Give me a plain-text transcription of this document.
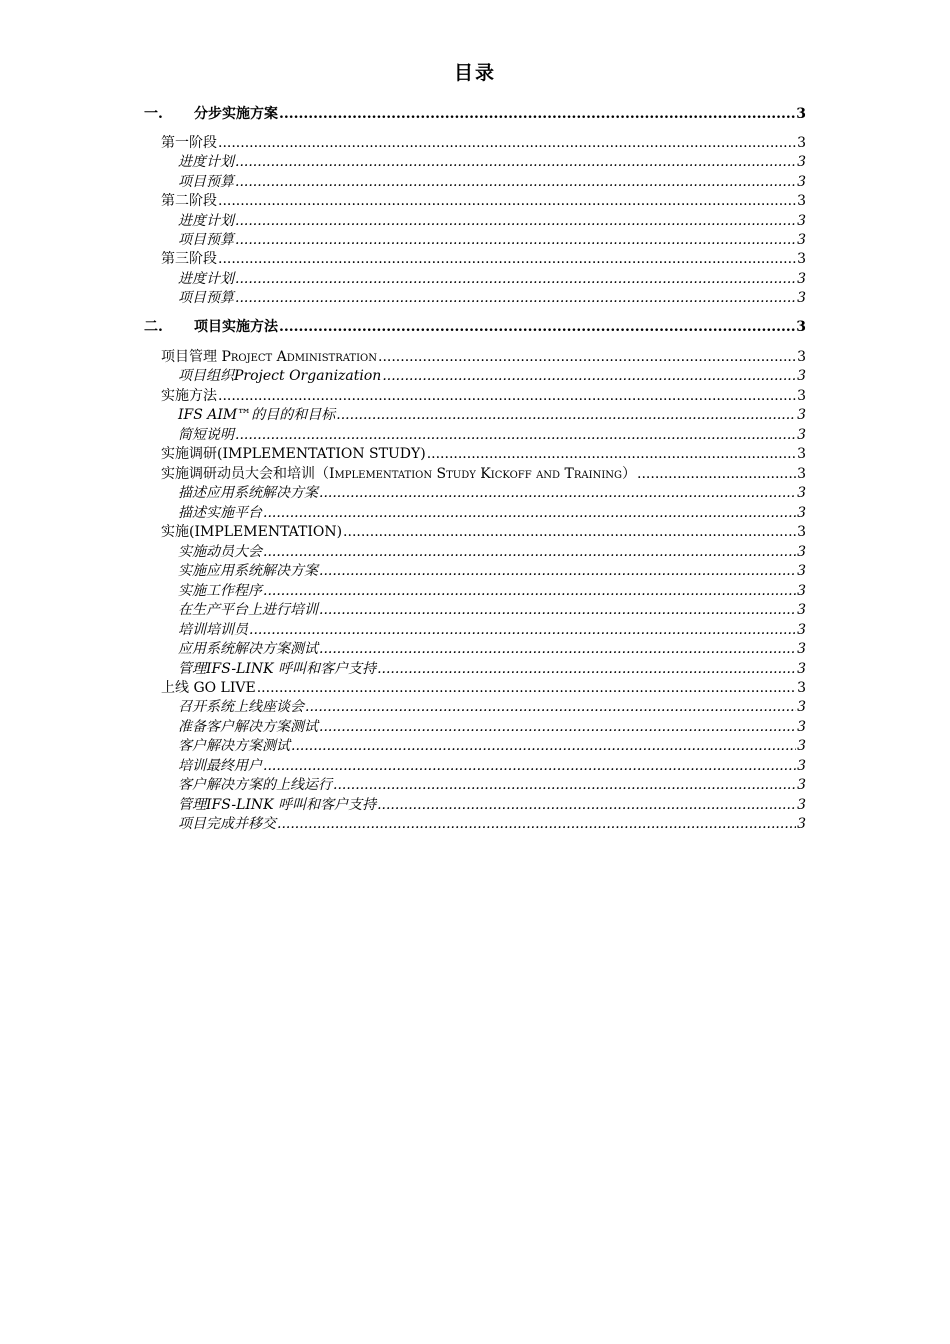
目录
一. 分步实施方案 .....	3
第一阶段 .....	3
进度计划 .....	3
项目预算 .....	3
第二阶段 .....	3
进度计划 .....	3
项目预算 .....	3
第三阶段 .....	3
进度计划 .....	3
项目预算 .....	3
二. 项目实施方法 .....	3
项目管理 Project Administration .....	3
项目组织Project Organization .....	3
实施方法 .....	3
IFS AIM™的目的和目标 .....	3
简短说明 .....	3
实施调研(IMPLEMENTATION STUDY) .....	3
实施调研动员大会和培训（Implementation Study Kickoff and Training） .....	3
描述应用系统解决方案 .....	3
描述实施平台 .....	3
实施(IMPLEMENTATION) .....	3
实施动员大会 .....	3
实施应用系统解决方案 .....	3
实施工作程序 .....	3
在生产平台上进行培训 .....	3
培训培训员 .....	3
应用系统解决方案测试 .....	3
管理IFS-LINK 呼叫和客户支持 .....	3
上线 GO LIVE .....	3
召开系统上线座谈会 .....	3
准备客户解决方案测试 .....	3
客户解决方案测试 .....	3
培训最终用户 .....	3
客户解决方案的上线运行 .....	3
管理IFS-LINK 呼叫和客户支持 .....	3
项目完成并移交 .....	3
